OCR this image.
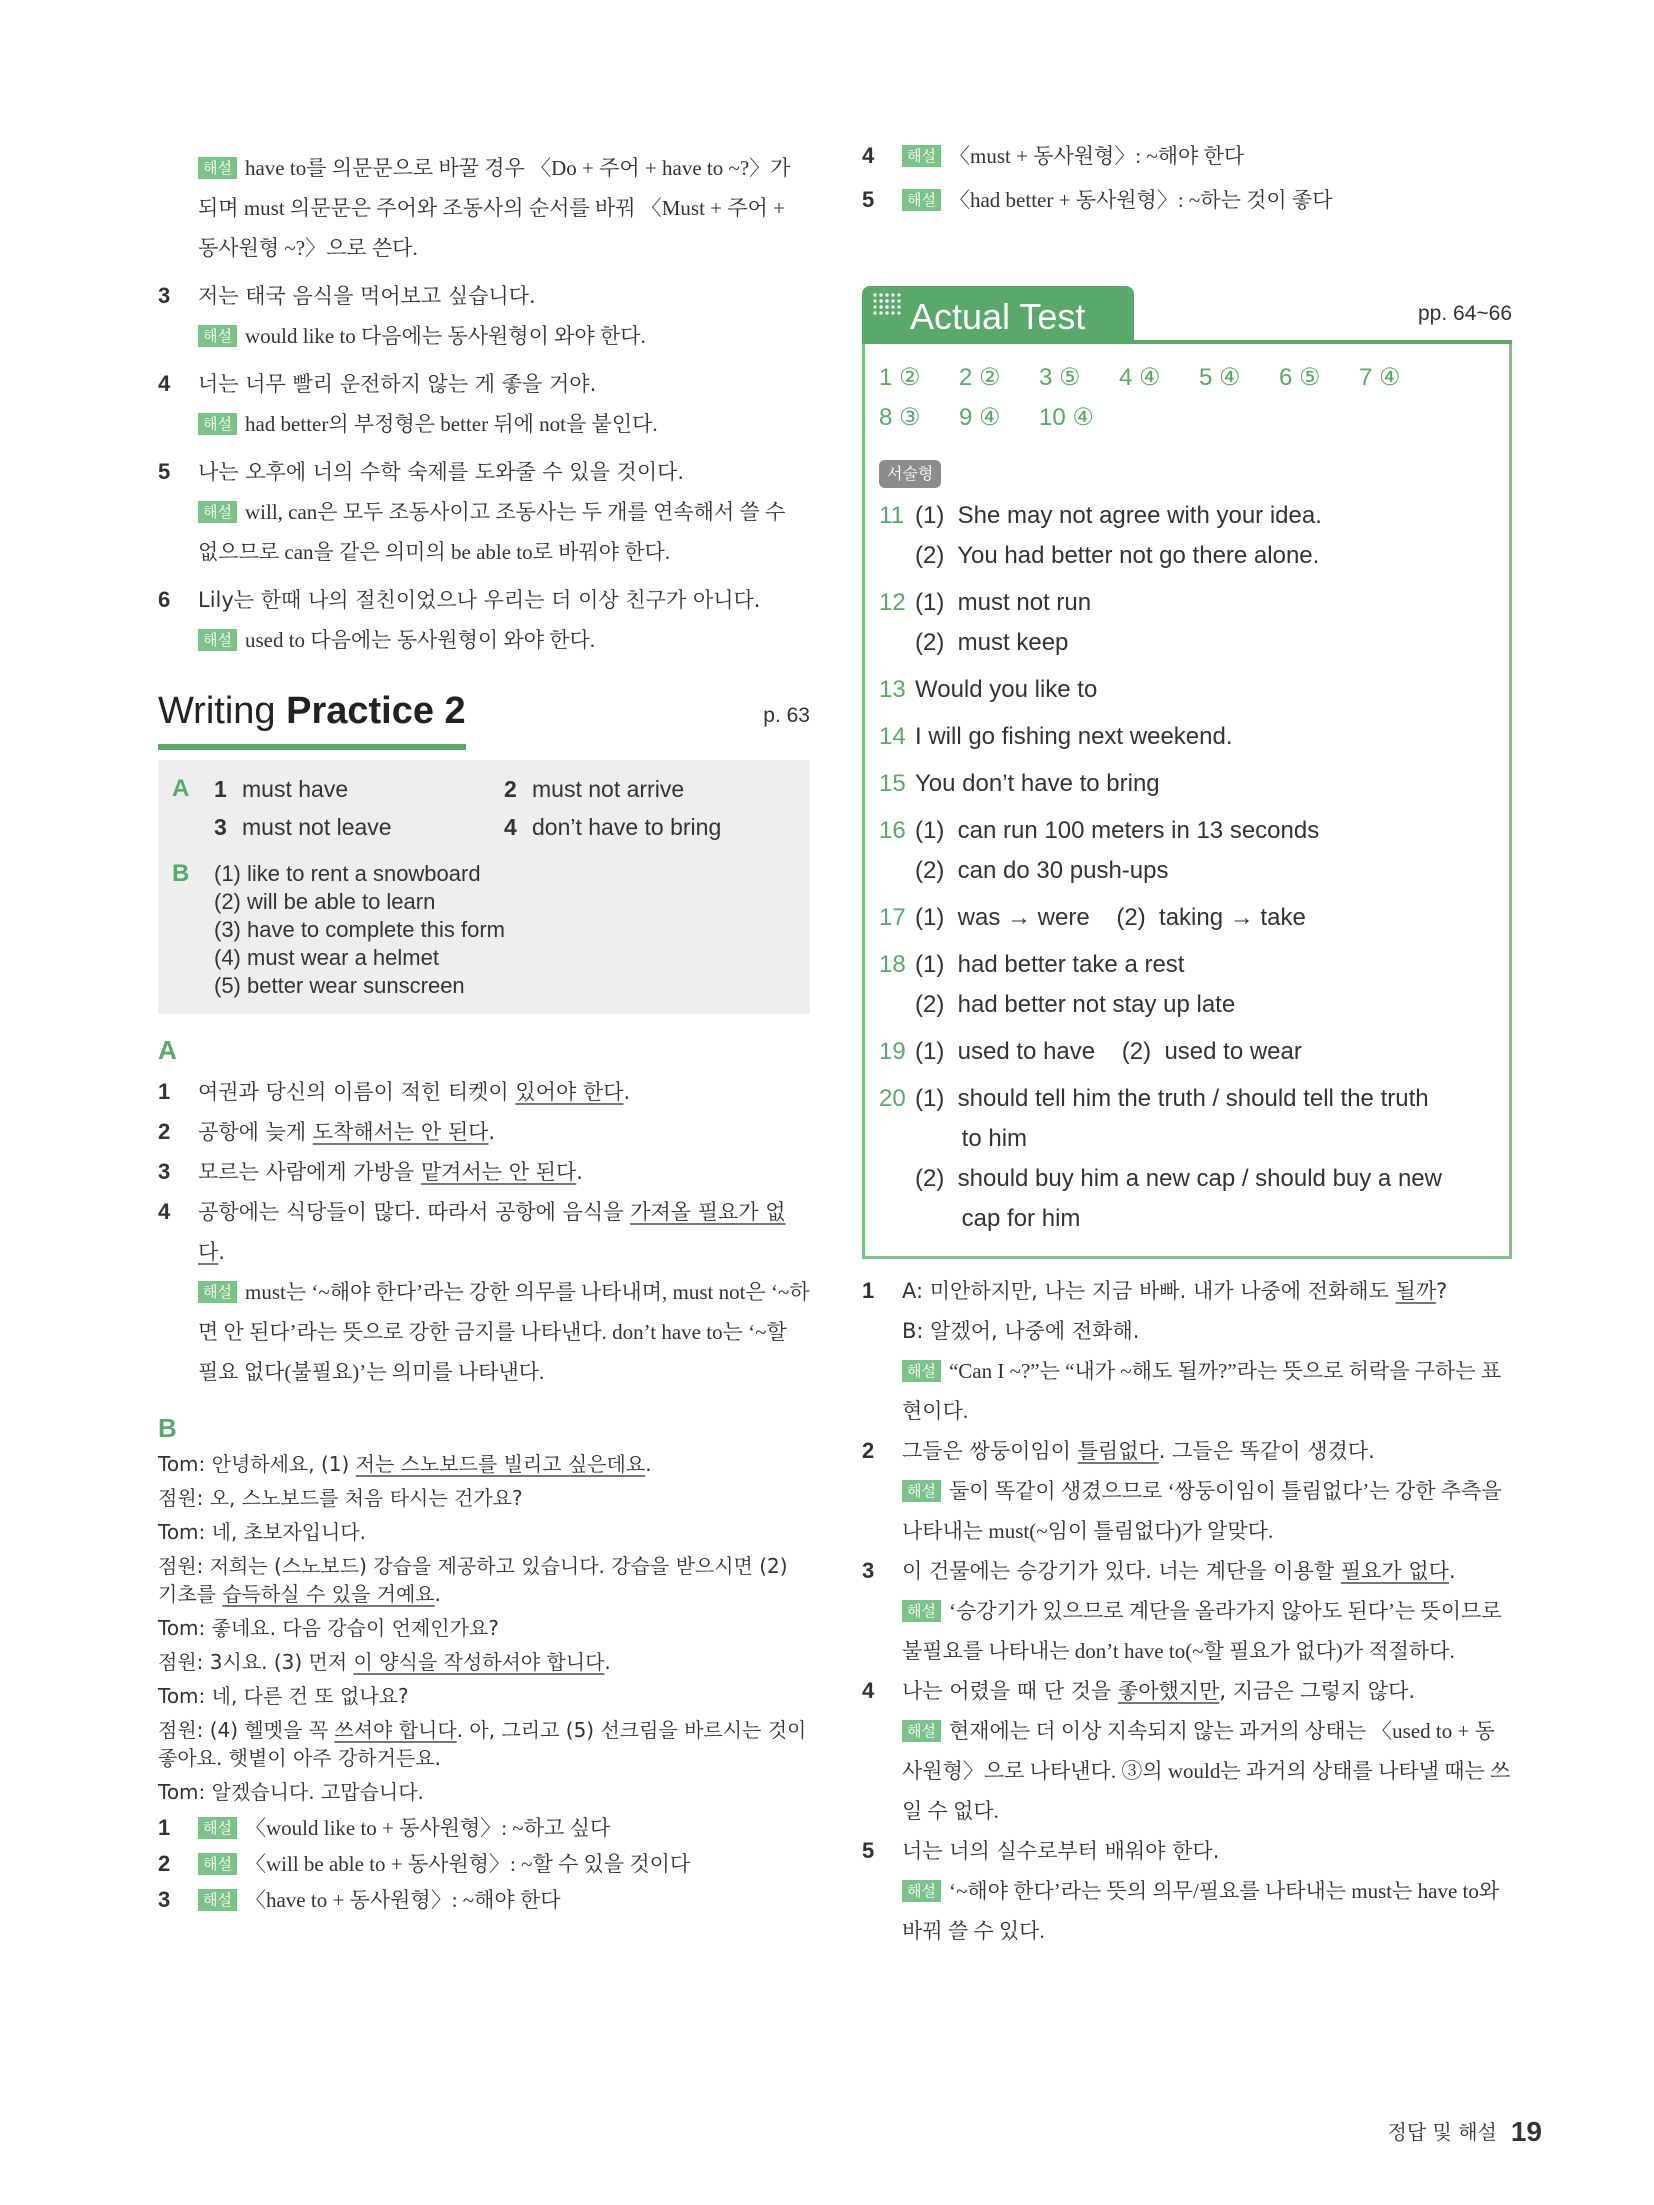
해설 have to를 의문문으로 바꿀 경우 〈Do + 주어 + have to ~?〉가 되며 must 의문문은 주어와 조동사의 순서를 바꿔 〈Must + 주어 + 동사원형 ~?〉으로 쓴다.
3	저는 태국 음식을 먹어보고 싶습니다.
해설 would like to 다음에는 동사원형이 와야 한다.
4	너는 너무 빨리 운전하지 않는 게 좋을 거야.
해설 had better의 부정형은 better 뒤에 not을 붙인다.
5	나는 오후에 너의 수학 숙제를 도와줄 수 있을 것이다.
해설 will, can은 모두 조동사이고 조동사는 두 개를 연속해서 쓸 수 없으므로 can을 같은 의미의 be able to로 바꿔야 한다.
6	Lily는 한때 나의 절친이었으나 우리는 더 이상 친구가 아니다.
해설 used to 다음에는 동사원형이 와야 한다.
Writing Practice 2	p. 63
A	1 must have	2 must not arrive
3 must not leave	4 don’t have to bring
B	(1) like to rent a snowboard
(2) will be able to learn
(3) have to complete this form
(4) must wear a helmet
(5) better wear sunscreen
A
1	여권과 당신의 이름이 적힌 티켓이 있어야 한다.
2	공항에 늦게 도착해서는 안 된다.
3	모르는 사람에게 가방을 맡겨서는 안 된다.
4	공항에는 식당들이 많다. 따라서 공항에 음식을 가져올 필요가 없다.
해설 must는 ‘~해야 한다’라는 강한 의무를 나타내며, must not은 ‘~하면 안 된다’라는 뜻으로 강한 금지를 나타낸다. don’t have to는 ‘~할 필요 없다(불필요)’는 의미를 나타낸다.
B
Tom: 안녕하세요, (1) 저는 스노보드를 빌리고 싶은데요.
점원: 오, 스노보드를 처음 타시는 건가요?
Tom: 네, 초보자입니다.
점원: 저희는 (스노보드) 강습을 제공하고 있습니다. 강습을 받으시면 (2) 기초를 습득하실 수 있을 거예요.
Tom: 좋네요. 다음 강습이 언제인가요?
점원: 3시요. (3) 먼저 이 양식을 작성하셔야 합니다.
Tom: 네, 다른 건 또 없나요?
점원: (4) 헬멧을 꼭 쓰셔야 합니다. 아, 그리고 (5) 선크림을 바르시는 것이 좋아요. 햇볕이 아주 강하거든요.
Tom: 알겠습니다. 고맙습니다.
1	해설 〈would like to + 동사원형〉: ~하고 싶다
2	해설 〈will be able to + 동사원형〉: ~할 수 있을 것이다
3	해설 〈have to + 동사원형〉: ~해야 한다
4	해설 〈must + 동사원형〉: ~해야 한다
5	해설 〈had better + 동사원형〉: ~하는 것이 좋다
Actual Test	pp. 64~66
1 ②	2 ②	3 ⑤	4 ④	5 ④	6 ⑤	7 ④
8 ③	9 ④	10 ④
서술형
11 (1)  She may not agree with your idea.
(2)  You had better not go there alone.
12 (1)  must not run
(2)  must keep
13 Would you like to
14 I will go fishing next weekend.
15 You don’t have to bring
16 (1)  can run 100 meters in 13 seconds
(2)  can do 30 push-ups
17 (1)  was → were    (2)  taking → take
18 (1)  had better take a rest
(2)  had better not stay up late
19 (1)  used to have    (2)  used to wear
20 (1)  should tell him the truth / should tell the truth
to him
(2)  should buy him a new cap / should buy a new
cap for him
1	A: 미안하지만, 나는 지금 바빠. 내가 나중에 전화해도 될까?
B: 알겠어, 나중에 전화해.
해설 “Can I ~?”는 “내가 ~해도 될까?”라는 뜻으로 허락을 구하는 표현이다.
2	그들은 쌍둥이임이 틀림없다. 그들은 똑같이 생겼다.
해설 둘이 똑같이 생겼으므로 ‘쌍둥이임이 틀림없다’는 강한 추측을 나타내는 must(~임이 틀림없다)가 알맞다.
3	이 건물에는 승강기가 있다. 너는 계단을 이용할 필요가 없다.
해설 ‘승강기가 있으므로 계단을 올라가지 않아도 된다’는 뜻이므로 불필요를 나타내는 don’t have to(~할 필요가 없다)가 적절하다.
4	나는 어렸을 때 단 것을 좋아했지만, 지금은 그렇지 않다.
해설 현재에는 더 이상 지속되지 않는 과거의 상태는 〈used to + 동사원형〉으로 나타낸다. ③의 would는 과거의 상태를 나타낼 때는 쓰일 수 없다.
5	너는 너의 실수로부터 배워야 한다.
해설 ‘~해야 한다’라는 뜻의 의무/필요를 나타내는 must는 have to와 바꿔 쓸 수 있다.
정답 및 해설 19
